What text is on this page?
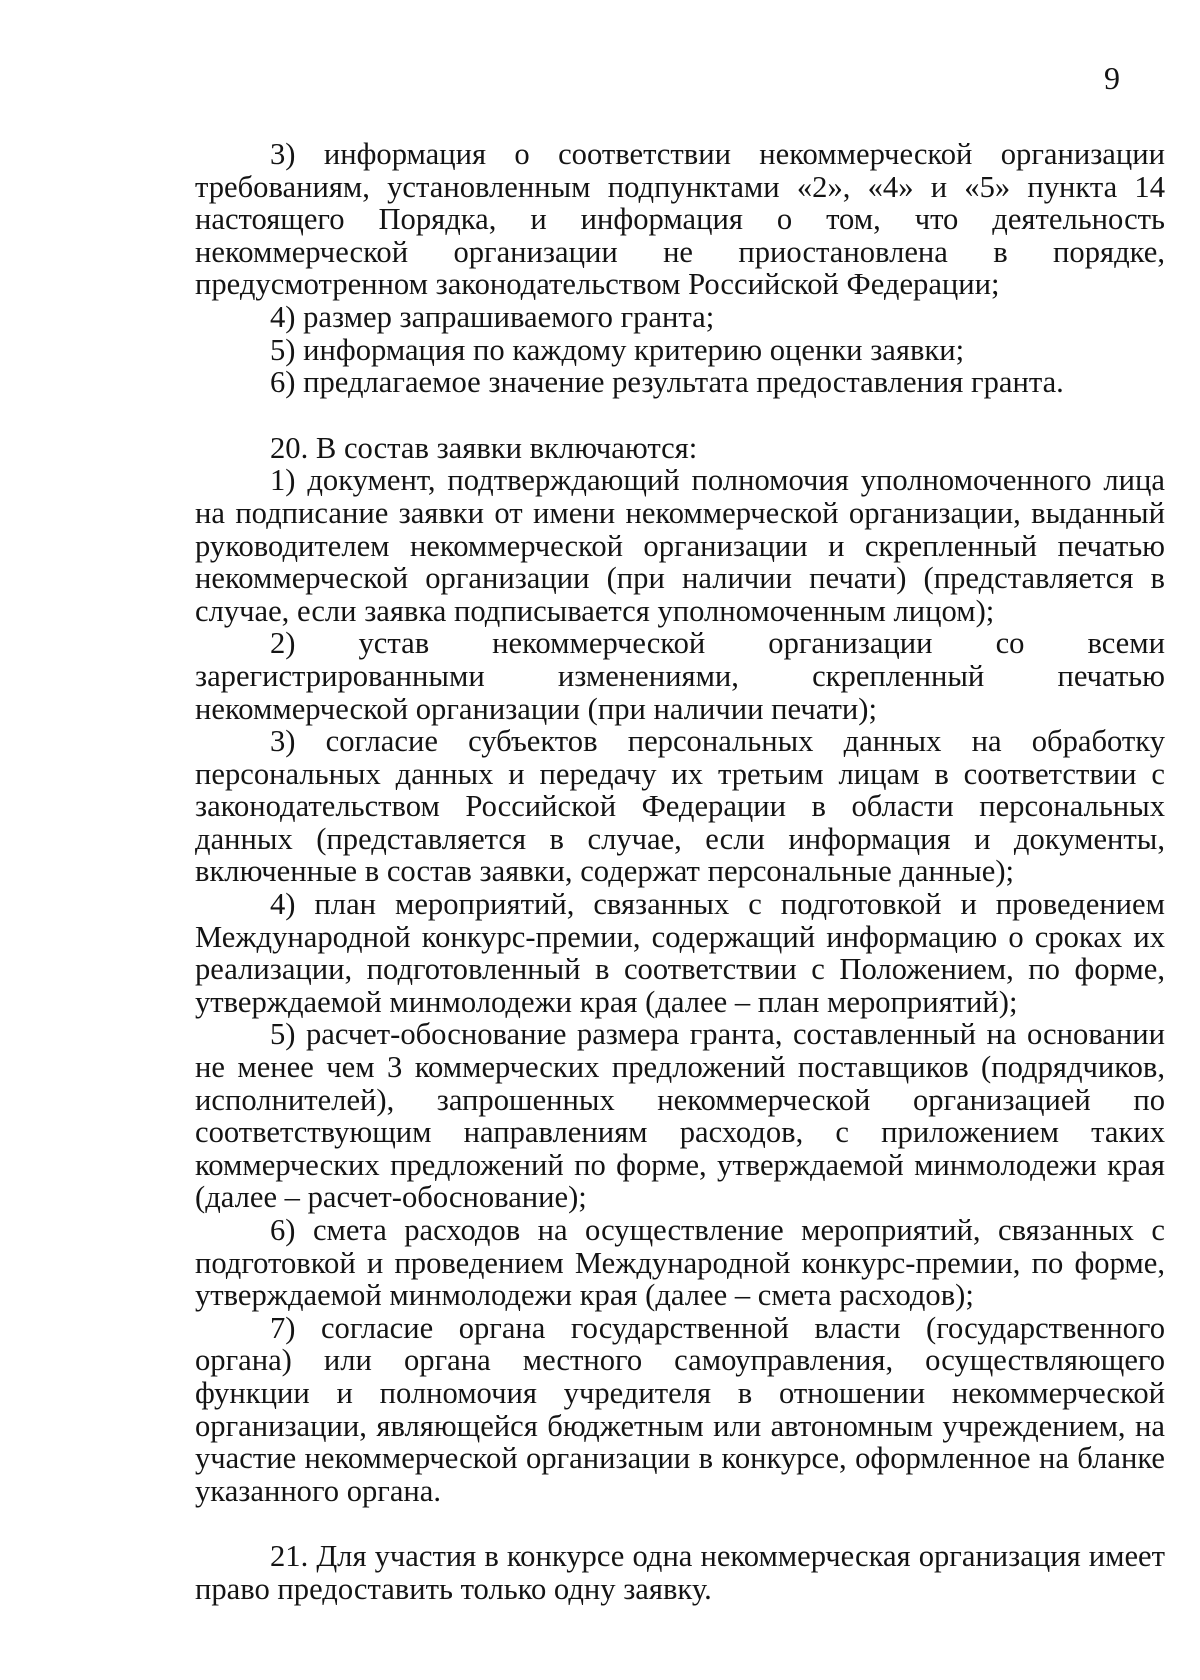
9

3) информация о соответствии некоммерческой организации требованиям, установленным подпунктами «2», «4» и «5» пункта 14 настоящего Порядка, и информация о том, что деятельность некоммерческой организации не приостановлена в порядке, предусмотренном законодательством Российской Федерации;

4) размер запрашиваемого гранта;

5) информация по каждому критерию оценки заявки;

6) предлагаемое значение результата предоставления гранта.

20. В состав заявки включаются:

1) документ, подтверждающий полномочия уполномоченного лица на подписание заявки от имени некоммерческой организации, выданный руководителем некоммерческой организации и скрепленный печатью некоммерческой организации (при наличии печати) (представляется в случае, если заявка подписывается уполномоченным лицом);

2) устав некоммерческой организации со всеми зарегистрированными изменениями, скрепленный печатью некоммерческой организации (при наличии печати);

3) согласие субъектов персональных данных на обработку персональных данных и передачу их третьим лицам в соответствии с законодательством Российской Федерации в области персональных данных (представляется в случае, если информация и документы, включенные в состав заявки, содержат персональные данные);

4) план мероприятий, связанных с подготовкой и проведением Международной конкурс-премии, содержащий информацию о сроках их реализации, подготовленный в соответствии с Положением, по форме, утверждаемой минмолодежи края (далее – план мероприятий);

5) расчет-обоснование размера гранта, составленный на основании не менее чем 3 коммерческих предложений поставщиков (подрядчиков, исполнителей), запрошенных некоммерческой организацией по соответствующим направлениям расходов, с приложением таких коммерческих предложений по форме, утверждаемой минмолодежи края (далее – расчет-обоснование);

6) смета расходов на осуществление мероприятий, связанных с подготовкой и проведением Международной конкурс-премии, по форме, утверждаемой минмолодежи края (далее – смета расходов);

7) согласие органа государственной власти (государственного органа) или органа местного самоуправления, осуществляющего функции и полномочия учредителя в отношении некоммерческой организации, являющейся бюджетным или автономным учреждением, на участие некоммерческой организации в конкурсе, оформленное на бланке указанного органа.

21. Для участия в конкурсе одна некоммерческая организация имеет право предоставить только одну заявку.
